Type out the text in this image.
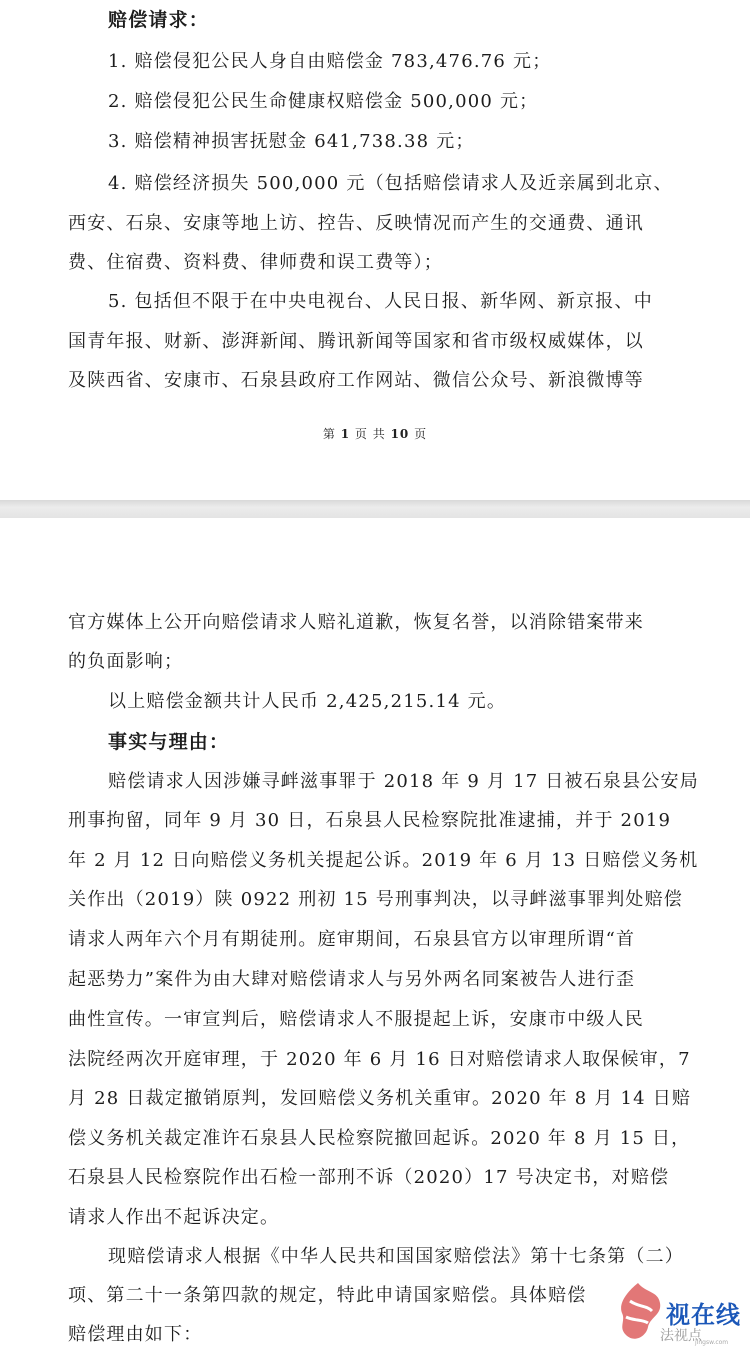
赔偿请求：
1. 赔偿侵犯公民人身自由赔偿金 783,476.76 元；
2. 赔偿侵犯公民生命健康权赔偿金 500,000 元；
3. 赔偿精神损害抚慰金 641,738.38 元；
4. 赔偿经济损失 500,000 元（包括赔偿请求人及近亲属到北京、
西安、石泉、安康等地上访、控告、反映情况而产生的交通费、通讯
费、住宿费、资料费、律师费和误工费等）；
5. 包括但不限于在中央电视台、人民日报、新华网、新京报、中
国青年报、财新、澎湃新闻、腾讯新闻等国家和省市级权威媒体，以
及陕西省、安康市、石泉县政府工作网站、微信公众号、新浪微博等
第 1 页 共 10 页
官方媒体上公开向赔偿请求人赔礼道歉，恢复名誉，以消除错案带来
的负面影响；
以上赔偿金额共计人民币 2,425,215.14 元。
事实与理由：
赔偿请求人因涉嫌寻衅滋事罪于 2018 年 9 月 17 日被石泉县公安局
刑事拘留，同年 9 月 30 日，石泉县人民检察院批准逮捕，并于 2019
年 2 月 12 日向赔偿义务机关提起公诉。2019 年 6 月 13 日赔偿义务机
关作出（2019）陕 0922 刑初 15 号刑事判决，以寻衅滋事罪判处赔偿
请求人两年六个月有期徒刑。庭审期间，石泉县官方以审理所谓“首
起恶势力”案件为由大肆对赔偿请求人与另外两名同案被告人进行歪
曲性宣传。一审宣判后，赔偿请求人不服提起上诉，安康市中级人民
法院经两次开庭审理，于 2020 年 6 月 16 日对赔偿请求人取保候审，7
月 28 日裁定撤销原判，发回赔偿义务机关重审。2020 年 8 月 14 日赔
偿义务机关裁定准许石泉县人民检察院撤回起诉。2020 年 8 月 15 日，
石泉县人民检察院作出石检一部刑不诉（2020）17 号决定书，对赔偿
请求人作出不起诉决定。
现赔偿请求人根据《中华人民共和国国家赔偿法》第十七条第（二）
项、第二十一条第四款的规定，特此申请国家赔偿。具体赔偿
赔偿理由如下：
视在线
法视点
jingsw.com
